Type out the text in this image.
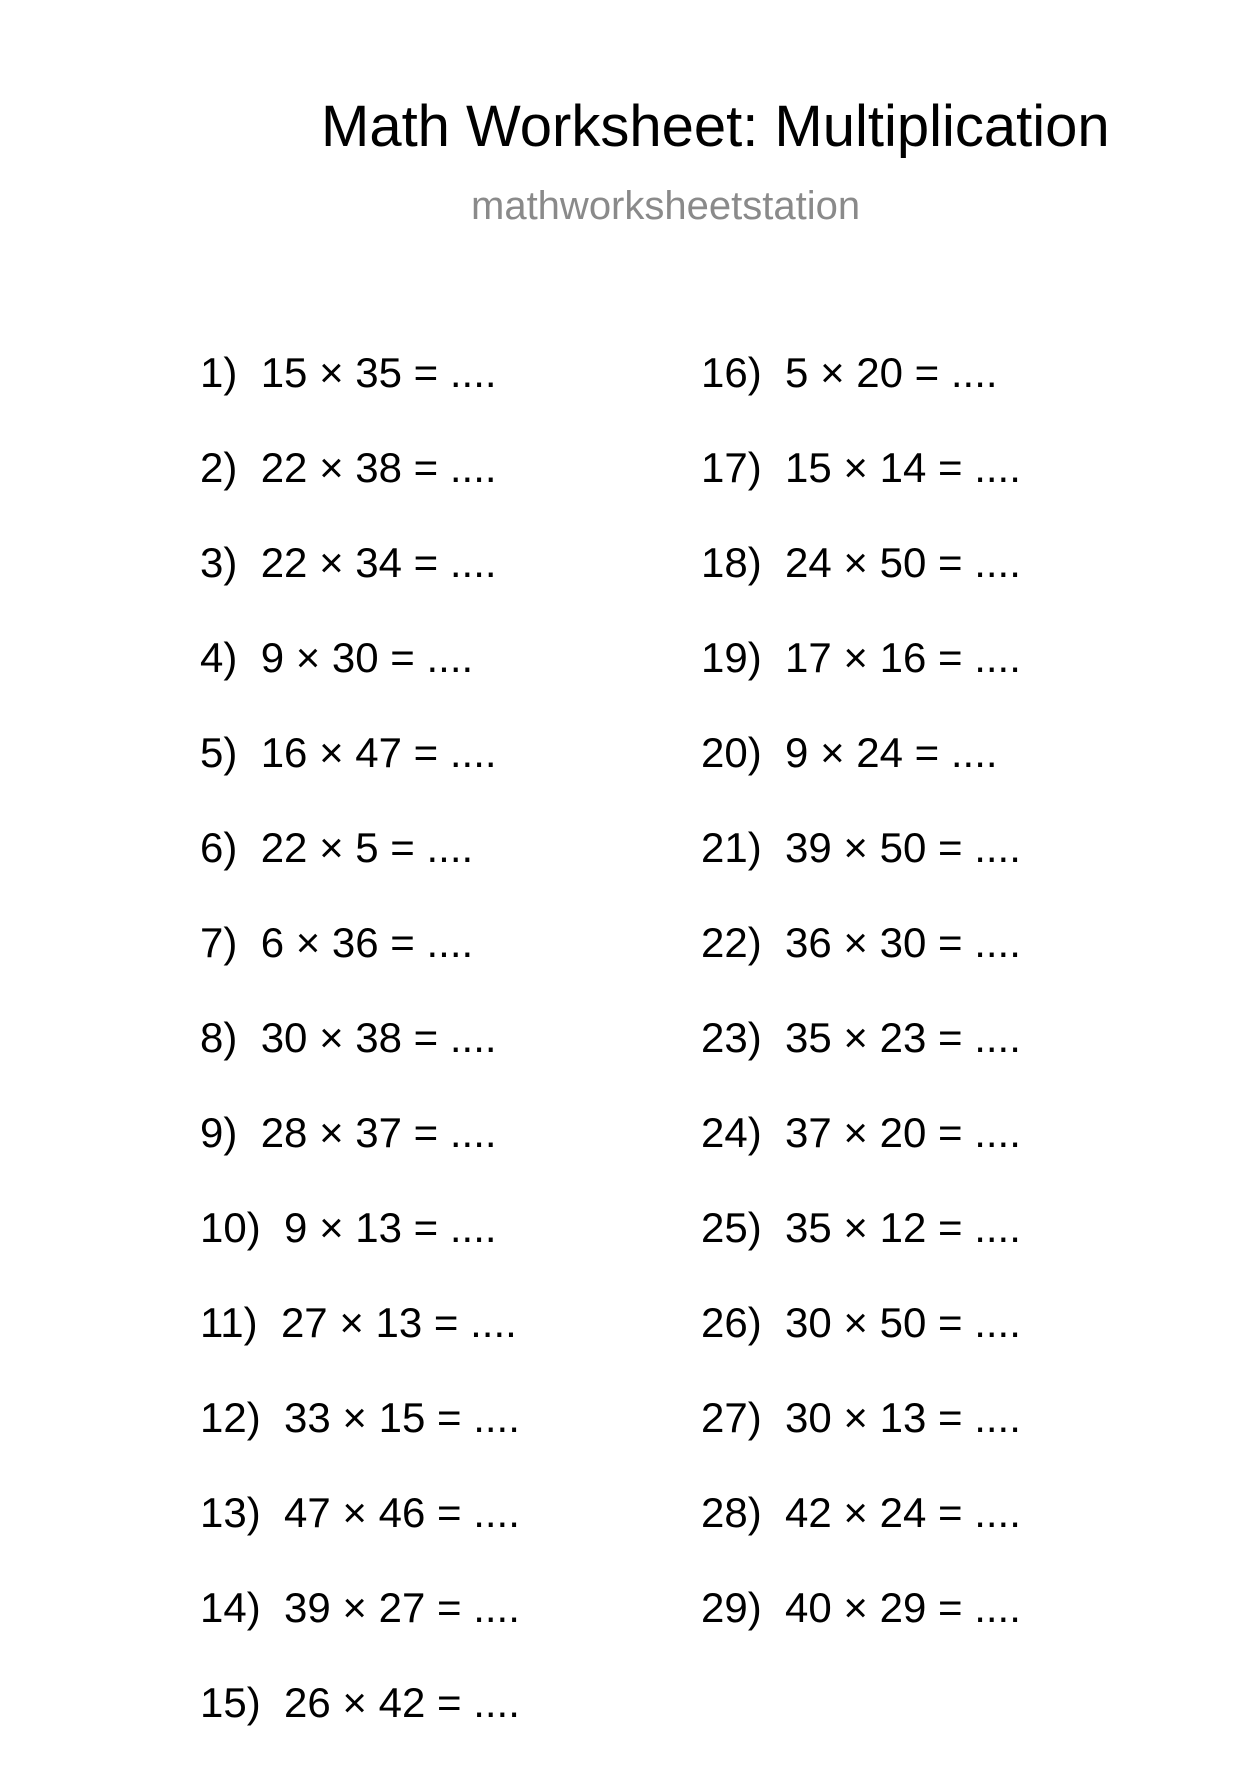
Math Worksheet: Multiplication
mathworksheetstation
1 ) 15 × 35 = ....
2 ) 22 × 38 = ....
3 ) 22 × 34 = ....
4 ) 9 × 30 = ....
5 ) 16 × 47 = ....
6 ) 22 × 5 = ....
7 ) 6 × 36 = ....
8 ) 30 × 38 = ....
9 ) 28 × 37 = ....
10 ) 9 × 13 = ....
11 ) 27 × 13 = ....
12 ) 33 × 15 = ....
13 ) 47 × 46 = ....
14 ) 39 × 27 = ....
15 ) 26 × 42 = ....
16 ) 5 × 20 = ....
17 ) 15 × 14 = ....
18 ) 24 × 50 = ....
19 ) 17 × 16 = ....
20 ) 9 × 24 = ....
21 ) 39 × 50 = ....
22 ) 36 × 30 = ....
23 ) 35 × 23 = ....
24 ) 37 × 20 = ....
25 ) 35 × 12 = ....
26 ) 30 × 50 = ....
27 ) 30 × 13 = ....
28 ) 42 × 24 = ....
29 ) 40 × 29 = ....
